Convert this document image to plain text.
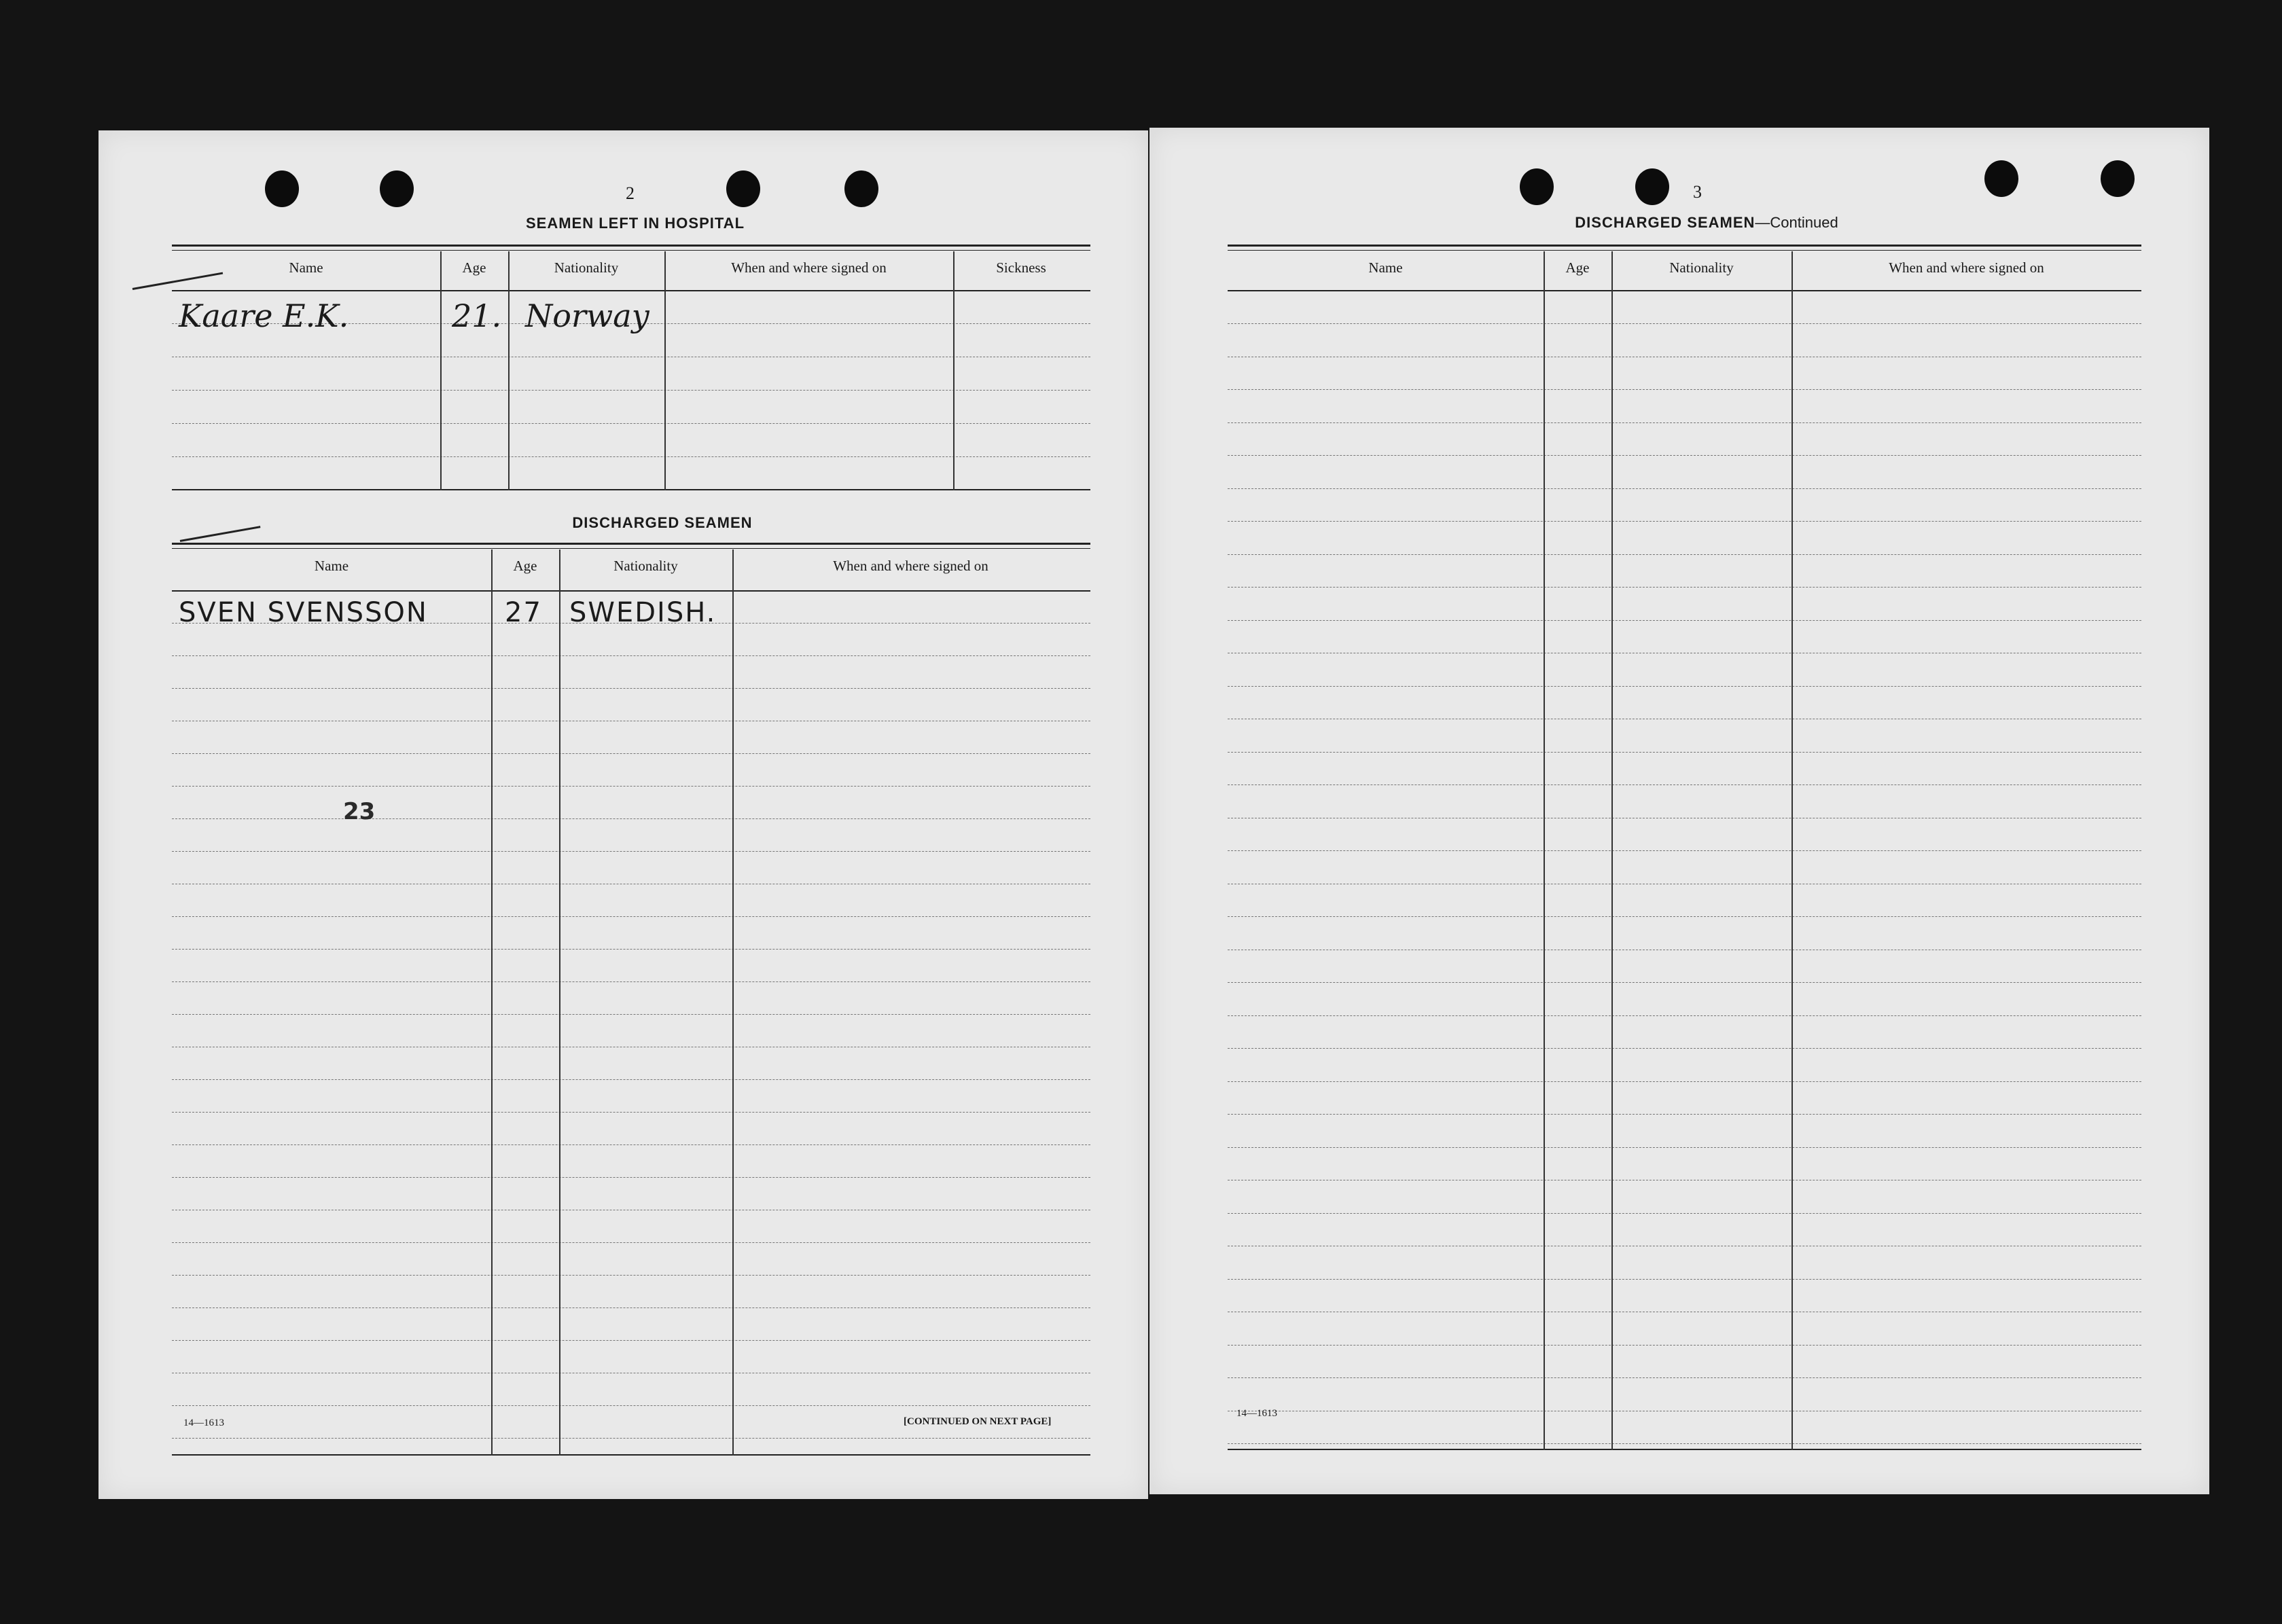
2
SEAMEN LEFT IN HOSPITAL
Name	Age	Nationality	When and where signed on	Sickness
Kaare E.K.	21. Norway
DISCHARGED SEAMEN
Name	Age	Nationality	When and where signed on
SVEN SVENSSON	27 SWEDISH.
23
14—1613	[CONTINUED ON NEXT PAGE]
3
DISCHARGED SEAMEN—Continued
Name	Age	Nationality	When and where signed on
14—1613
